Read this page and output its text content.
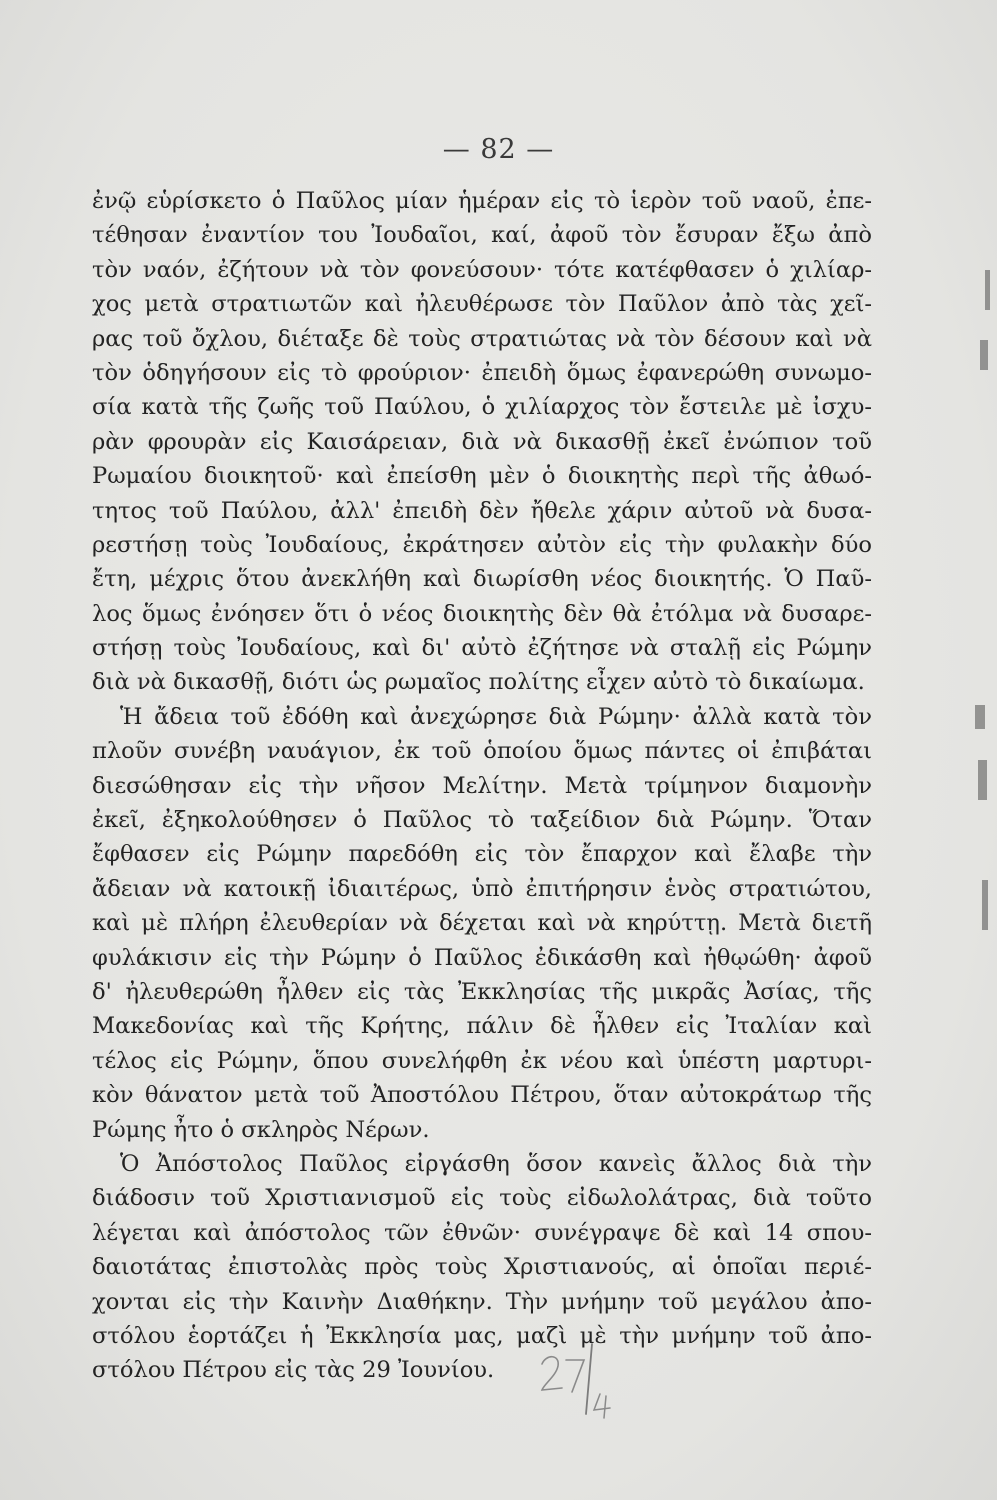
— 82 —
ἐνῷ εὑρίσκετο ὁ Παῦλος μίαν ἡμέραν εἰς τὸ ἱερὸν τοῦ ναοῦ, ἐπε-
τέθησαν ἐναντίον του Ἰουδαῖοι, καί, ἀφοῦ τὸν ἔσυραν ἔξω ἀπὸ
τὸν ναόν, ἐζήτουν νὰ τὸν φονεύσουν· τότε κατέφθασεν ὁ χιλίαρ-
χος μετὰ στρατιωτῶν καὶ ἠλευθέρωσε τὸν Παῦλον ἀπὸ τὰς χεῖ-
ρας τοῦ ὄχλου, διέταξε δὲ τοὺς στρατιώτας νὰ τὸν δέσουν καὶ νὰ
τὸν ὁδηγήσουν εἰς τὸ φρούριον· ἐπειδὴ ὅμως ἐφανερώθη συνωμο-
σία κατὰ τῆς ζωῆς τοῦ Παύλου, ὁ χιλίαρχος τὸν ἔστειλε μὲ ἰσχυ-
ρὰν φρουρὰν εἰς Καισάρειαν, διὰ νὰ δικασθῇ ἐκεῖ ἐνώπιον τοῦ
Ρωμαίου διοικητοῦ· καὶ ἐπείσθη μὲν ὁ διοικητὴς περὶ τῆς ἀθωό-
τητος τοῦ Παύλου, ἀλλ' ἐπειδὴ δὲν ἤθελε χάριν αὐτοῦ νὰ δυσα-
ρεστήσῃ τοὺς Ἰουδαίους, ἐκράτησεν αὐτὸν εἰς τὴν φυλακὴν δύο
ἔτη, μέχρις ὅτου ἀνεκλήθη καὶ διωρίσθη νέος διοικητής. Ὁ Παῦ-
λος ὅμως ἐνόησεν ὅτι ὁ νέος διοικητὴς δὲν θὰ ἐτόλμα νὰ δυσαρε-
στήσῃ τοὺς Ἰουδαίους, καὶ δι' αὐτὸ ἐζήτησε νὰ σταλῇ εἰς Ρώμην
διὰ νὰ δικασθῇ, διότι ὡς ρωμαῖος πολίτης εἶχεν αὐτὸ τὸ δικαίωμα.
Ἡ ἄδεια τοῦ ἐδόθη καὶ ἀνεχώρησε διὰ Ρώμην· ἀλλὰ κατὰ τὸν
πλοῦν συνέβη ναυάγιον, ἐκ τοῦ ὁποίου ὅμως πάντες οἱ ἐπιβάται
διεσώθησαν εἰς τὴν νῆσον Μελίτην. Μετὰ τρίμηνον διαμονὴν
ἐκεῖ, ἐξηκολούθησεν ὁ Παῦλος τὸ ταξείδιον διὰ Ρώμην. Ὅταν
ἔφθασεν εἰς Ρώμην παρεδόθη εἰς τὸν ἔπαρχον καὶ ἔλαβε τὴν
ἄδειαν νὰ κατοικῇ ἰδιαιτέρως, ὑπὸ ἐπιτήρησιν ἑνὸς στρατιώτου,
καὶ μὲ πλήρη ἐλευθερίαν νὰ δέχεται καὶ νὰ κηρύττῃ. Μετὰ διετῆ
φυλάκισιν εἰς τὴν Ρώμην ὁ Παῦλος ἐδικάσθη καὶ ἠθῳώθη· ἀφοῦ
δ' ἠλευθερώθη ἦλθεν εἰς τὰς Ἐκκλησίας τῆς μικρᾶς Ἀσίας, τῆς
Μακεδονίας καὶ τῆς Κρήτης, πάλιν δὲ ἦλθεν εἰς Ἰταλίαν καὶ
τέλος εἰς Ρώμην, ὅπου συνελήφθη ἐκ νέου καὶ ὑπέστη μαρτυρι-
κὸν θάνατον μετὰ τοῦ Ἀποστόλου Πέτρου, ὅταν αὐτοκράτωρ τῆς
Ρώμης ἦτο ὁ σκληρὸς Νέρων.
Ὁ Ἀπόστολος Παῦλος εἰργάσθη ὅσον κανεὶς ἄλλος διὰ τὴν
διάδοσιν τοῦ Χριστιανισμοῦ εἰς τοὺς εἰδωλολάτρας, διὰ τοῦτο
λέγεται καὶ ἀπόστολος τῶν ἐθνῶν· συνέγραψε δὲ καὶ 14 σπου-
δαιοτάτας ἐπιστολὰς πρὸς τοὺς Χριστιανούς, αἱ ὁποῖαι περιέ-
χονται εἰς τὴν Καινὴν Διαθήκην. Τὴν μνήμην τοῦ μεγάλου ἀπο-
στόλου ἑορτάζει ἡ Ἐκκλησία μας, μαζὶ μὲ τὴν μνήμην τοῦ ἀπο-
στόλου Πέτρου εἰς τὰς 29 Ἰουνίου.
